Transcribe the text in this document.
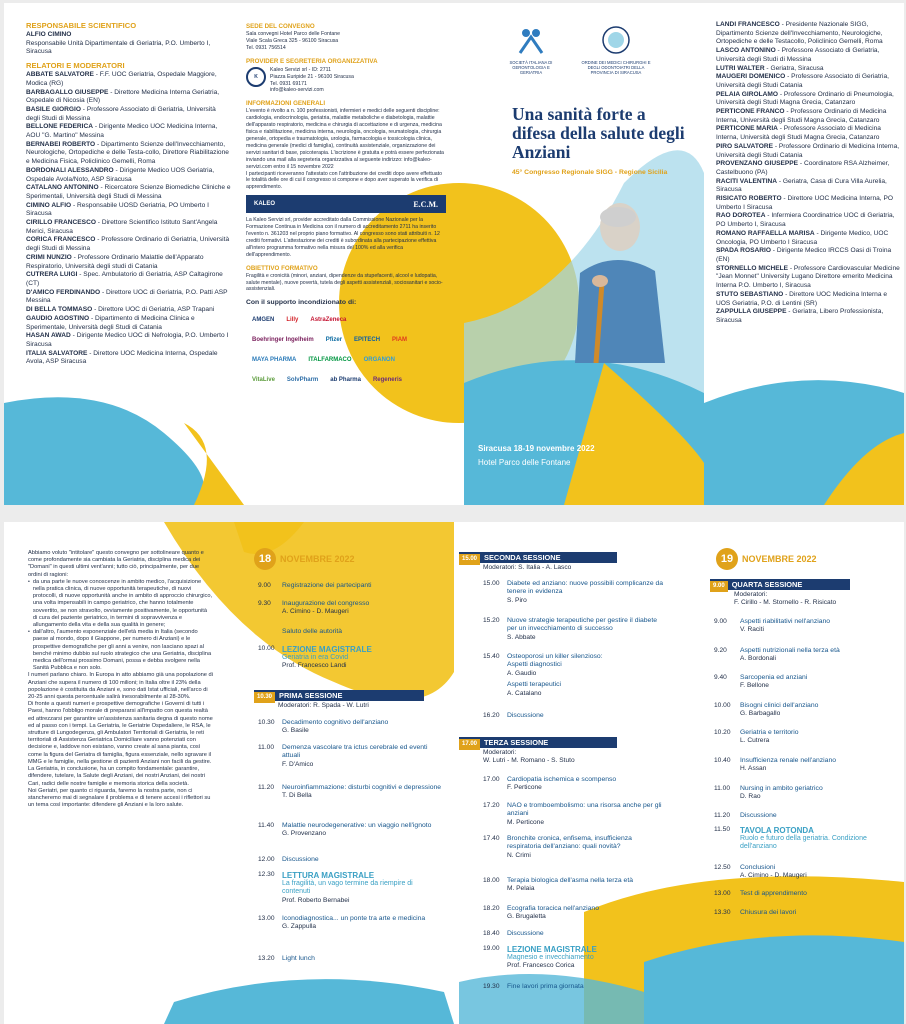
RESPONSABILE SCIENTIFICO
ALFIO CIMINO
Responsabile Unità Dipartimentale di Geriatria, P.O. Umberto I, Siracusa
RELATORI E MODERATORI
ABBATE SALVATORE - F.F. UOC Geriatria, Ospedale Maggiore, Modica (RG)
BARBAGALLO GIUSEPPE - Direttore Medicina Interna Geriatria, Ospedale di Nicosia (EN)
BASILE GIORGIO - Professore Associato di Geriatria, Università degli Studi di Messina
BELLONE FEDERICA - Dirigente Medico UOC Medicina Interna, AOU "G. Martino" Messina
BERNABEI ROBERTO - Dipartimento Scienze dell'Invecchiamento, Neurologiche, Ortopediche e delle Testa-collo, Direttore Riabilitazione e Medicina Fisica, Policlinico Gemelli, Roma
BORDONALI ALESSANDRO - Dirigente Medico UOS Geriatria, Ospedale Avola/Noto, ASP Siracusa
CATALANO ANTONINO - Ricercatore Scienze Biomediche Cliniche e Sperimentali, Università degli Studi di Messina
CIMINO ALFIO - Responsabile UOSD Geriatria, PO Umberto I Siracusa
CIRILLO FRANCESCO - Direttore Scientifico Istituto Sant'Angela Merici, Siracusa
CORICA FRANCESCO - Professore Ordinario di Geriatria, Università degli Studi di Messina
CRIMI NUNZIO - Professore Ordinario Malattie dell'Apparato Respiratorio, Università degli studi di Catania
CUTRERA LUIGI - Spec. Ambulatorio di Geriatria, ASP Caltagirone (CT)
D'AMICO FERDINANDO - Direttore UOC di Geriatria, P.O. Patti ASP Messina
DI BELLA TOMMASO - Direttore UOC di Geriatria, ASP Trapani
GAUDIO AGOSTINO - Dipartimento di Medicina Clinica e Sperimentale, Università degli Studi di Catania
HASAN AWAD - Dirigente Medico UOC di Nefrologia, P.O. Umberto I Siracusa
ITALIA SALVATORE - Direttore UOC Medicina Interna, Ospedale Avola, ASP Siracusa
SEDE DEL CONVEGNO
Sala convegni Hotel Parco delle Fontane
Viale Scala Greca 325 - 96100 Siracusa
Tel. 0931 756514
PROVIDER E SEGRETERIA ORGANIZZATIVA
K
Kaleo Servizi srl - ID: 2711
Piazza Euripide 21 - 96100 Siracusa
Tel. 0931 69171
info@kaleo-servizi.com
INFORMAZIONI GENERALI
L'evento è rivolto a n. 100 professionisti, infermieri e medici delle seguenti discipline: cardiologia, endocrinologia, geriatria, malattie metaboliche e diabetologia, malattie dell'apparato respiratorio, medicina e chirurgia di accettazione e di urgenza, medicina fisica e riabilitazione, medicina interna, neurologia, oncologia, reumatologia, chirurgia generale, ortopedia e traumatologia, urologia, farmacologia e tossicologia clinica, medicina generale (medici di famiglia), continuità assistenziale, organizzazione dei servizi sanitari di base, psicoterapia. L'iscrizione è gratuita e potrà essere perfezionata inviando una mail alla segreteria organizzativa al seguente indirizzo: info@kaleo-servizi.com entro il 15 novembre 2022
I partecipanti riceveranno l'attestato con l'attribuzione dei crediti dopo avere effettuato le totalità delle ore di cui il congresso si compone e dopo aver superato la verifica di apprendimento.
KALEO	E.C.M.
La Kaleo Servizi srl, provider accreditato dalla Commissione Nazionale per la Formazione Continua in Medicina con il numero di accreditamento 2711 ha inserito l'evento n. 361203 nel proprio piano formativo. Al congresso sono stati attribuiti n. 12 crediti formativi. L'attestazione dei crediti è subordinata alla partecipazione effettiva all'intero programma formativo nella misura del 100% ed alla verifica dell'apprendimento.
OBIETTIVO FORMATIVO
Fragilità e cronicità (minori, anziani, dipendenze da stupefacenti, alcool e ludopatia, salute mentale), nuove povertà, tutela degli aspetti assistenziali, sociosanitari e socio-assistenziali.
Con il supporto incondizionato di:
AMGEN	Lilly	AstraZeneca
Boehringer Ingelheim	Pfizer	EPITECH	PIAM
MAYA PHARMA	ITALFARMACO	ORGANON
VitaLive	SolvPharm	ab Pharma	Regeneris
SOCIETÀ ITALIANA DI GERONTOLOGIA E GERIATRIA
ORDINE DEI MEDICI CHIRURGHI E DEGLI ODONTOIATRI DELLA PROVINCIA DI SIRACUSA
Una sanità forte a difesa della salute degli Anziani
45° Congresso Regionale SIGG - Regione Sicilia
Siracusa 18-19 novembre 2022
Hotel Parco delle Fontane
LANDI FRANCESCO - Presidente Nazionale SIGG, Dipartimento Scienze dell'Invecchiamento, Neurologiche, Ortopediche e delle Testacollo, Policlinico Gemelli, Roma
LASCO ANTONINO - Professore Associato di Geriatria, Università degli Studi di Messina
LUTRI WALTER - Geriatra, Siracusa
MAUGERI DOMENICO - Professore Associato di Geriatria, Università degli Studi Catania
PELAIA GIROLAMO - Professore Ordinario di Pneumologia, Università degli Studi Magna Grecia, Catanzaro
PERTICONE FRANCO - Professore Ordinario di Medicina Interna, Università degli Studi Magna Grecia, Catanzaro
PERTICONE MARIA - Professore Associato di Medicina Interna, Università degli Studi Magna Grecia, Catanzaro
PIRO SALVATORE - Professore Ordinario di Medicina Interna, Università degli Studi Catania
PROVENZANO GIUSEPPE - Coordinatore RSA Alzheimer, Castelbuono (PA)
RACITI VALENTINA - Geriatra, Casa di Cura Villa Aurelia, Siracusa
RISICATO ROBERTO - Direttore UOC Medicina Interna, PO Umberto I Siracusa
RAO DOROTEA - Infermiera Coordinatrice UOC di Geriatria, PO Umberto I, Siracusa
ROMANO RAFFAELLA MARISA - Dirigente Medico, UOC Oncologia, PO Umberto I Siracusa
SPADA ROSARIO - Dirigente Medico IRCCS Oasi di Troina (EN)
STORNELLO MICHELE - Professore Cardiovascular Medicine "Jean Monnet" University Lugano Direttore emerito Medicina Interna P.O. Umberto I, Siracusa
STUTO SEBASTIANO - Direttore UOC Medicina Interna e UOS Geriatria, P.O. di Lentini (SR)
ZAPPULLA GIUSEPPE - Geriatra, Libero Professionista, Siracusa
Abbiamo voluto "intitolare" questo convegno per sottolineare quanto e come profondamente sia cambiata la Geriatria, disciplina medica dei "Domani" in questi ultimi vent'anni; tutto ciò, principalmente, per due ordini di ragioni:
• da una parte le nuove conoscenze in ambito medico, l'acquisizione nella pratica clinica, di nuove opportunità terapeutiche, di nuovi protocolli, di nuove opportunità anche in ambito di approccio chirurgico, una volta impensabili in campo geriatrico, che hanno totalmente sovvertito, se non stravolto, ovviamente positivamente, le opportunità di cura del paziente geriatrico, in termini di sopravvivenza e allungamento della vita e della sua qualità in genere;
• dall'altro, l'aumento esponenziale dell'età media in Italia (secondo paese al mondo, dopo il Giappone, per numero di Anziani) e le prospettive demografiche per gli anni a venire, non lasciano spazi al benché minimo dubbio sul ruolo strategico che una Geriatria, disciplina medica dell'ormai prossimo Domani, possa e debba svolgere nella Sanità Pubblica e non solo.
I numeri parlano chiaro. In Europa in atto abbiamo già una popolazione di Anziani che supera il numero di 100 milioni; in Italia oltre il 23% della popolazione è costituita da Anziani e, sono dati Istat ufficiali, nell'arco di 20-25 anni questa percentuale salirà inesorabilmente al 28-30%.
Di fronte a questi numeri e prospettive demografiche i Governi di tutti i Paesi, hanno l'obbligo morale di prepararsi all'impatto con questa realtà ed attrezzarsi per garantire un'assistenza sanitaria degna di questo nome ed al passo con i tempi. La Geriatria, le Geriatrie Ospedaliere, le RSA, le strutture di Lungodegenza, gli Ambulatori Territoriali di Geriatria, le reti territoriali di Assistenza Geriatrica Domiciliare vanno potenziati con decisione e, laddove non esistano, vanno create al sana pianta, così come la figura del Geriatra di famiglia, figura essenziale, nello sgravare il MMG e le famiglie, nella gestione di pazienti Anziani non facili da gestire.
La Geriatria, in conclusione, ha un compito fondamentale: garantire, difendere, tutelare, la Salute degli Anziani, dei nostri Anziani, dei nostri Cari, radici delle nostre famiglie e memoria storica della società.
Noi Geriatri, per quanto ci riguarda, faremo la nostra parte, non ci stancheremo mai di segnalare il problema e di tenere accesi i riflettori su un tema così importante: difendere gli Anziani e la loro salute.
18 NOVEMBRE 2022
9.00 Registrazione dei partecipanti
9.30 Inaugurazione del congresso
A. Cimino - D. Maugeri
Saluto delle autorità
10.00 LEZIONE MAGISTRALE
Geriatria in era Covid
Prof. Francesco Landi
10.30 PRIMA SESSIONE
Moderatori: R. Spada - W. Lutri
10.30 Decadimento cognitivo dell'anziano
G. Basile
11.00 Demenza vascolare tra ictus cerebrale ed eventi attuali
F. D'Amico
11.20 Neuroinfiammazione: disturbi cognitivi e depressione
T. Di Bella
11.40 Malattie neurodegenerative: un viaggio nell'ignoto
G. Provenzano
12.00 Discussione
12.30 LETTURA MAGISTRALE
La fragilità, un vago termine da riempire di contenuti
Prof. Roberto Bernabei
13.00 Iconodiagnostica... un ponte tra arte e medicina
G. Zappulla
13.20 Light lunch
15.00 SECONDA SESSIONE
Moderatori: S. Italia - A. Lasco
15.00 Diabete ed anziano: nuove possibili complicanze da tenere in evidenza
S. Piro
15.20 Nuove strategie terapeutiche per gestire il diabete per un invecchiamento di successo
S. Abbate
15.40 Osteoporosi un killer silenzioso:
Aspetti diagnostici
A. Gaudio
Aspetti terapeutici
A. Catalano
16.20 Discussione
17.00 TERZA SESSIONE
Moderatori:
W. Lutri - M. Romano - S. Stuto
17.00 Cardiopatia ischemica e scompenso
F. Perticone
17.20 NAO e tromboembolismo: una risorsa anche per gli anziani
M. Perticone
17.40 Bronchite cronica, enfisema, insufficienza respiratoria dell'anziano: quali novità?
N. Crimi
18.00 Terapia biologica dell'asma nella terza età
M. Pelaia
18.20 Ecografia toracica nell'anziano
G. Brugaletta
18.40 Discussione
19.00 LEZIONE MAGISTRALE
Magnesio e invecchiamento
Prof. Francesco Corica
19.30 Fine lavori prima giornata
19 NOVEMBRE 2022
9.00 QUARTA SESSIONE
Moderatori:
F. Cirillo - M. Stornello - R. Risicato
9.00 Aspetti riabilitativi nell'anziano
V. Raciti
9.20 Aspetti nutrizionali nella terza età
A. Bordonali
9.40 Sarcopenia ed anziani
F. Bellone
10.00 Bisogni clinici dell'anziano
G. Barbagallo
10.20 Geriatria e territorio
L. Cutrera
10.40 Insufficienza renale nell'anziano
H. Assan
11.00 Nursing in ambito geriatrico
D. Rao
11.20 Discussione
11.50 TAVOLA ROTONDA
Ruolo e futuro della geriatria. Condizione dell'anziano
12.50 Conclusioni
A. Cimino - D. Maugeri
13.00 Test di apprendimento
13.30 Chiusura dei lavori
